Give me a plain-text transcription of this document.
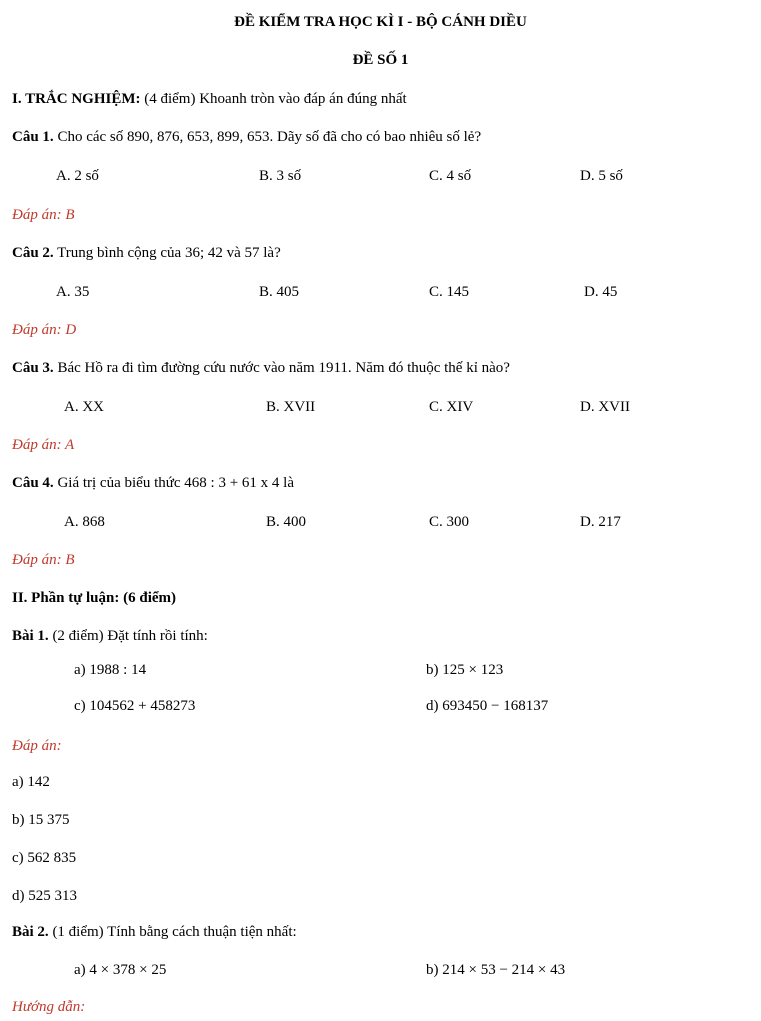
ĐỀ KIỂM TRA HỌC KÌ I - BỘ CÁNH DIỀU
ĐỀ SỐ 1
I. TRẮC NGHIỆM: (4 điểm) Khoanh tròn vào đáp án đúng nhất
Câu 1. Cho các số 890, 876, 653, 899, 653. Dãy số đã cho có bao nhiêu số lẻ?
A. 2 số	B. 3 số	C. 4 số	D. 5 số
Đáp án: B
Câu 2. Trung bình cộng của 36; 42 và 57 là?
A. 35	B. 405	C. 145	D. 45
Đáp án: D
Câu 3. Bác Hồ ra đi tìm đường cứu nước vào năm 1911. Năm đó thuộc thế kỉ nào?
A. XX	B. XVII	C. XIV	D. XVII
Đáp án: A
Câu 4. Giá trị của biểu thức 468 : 3 + 61 x 4 là
A. 868	B. 400	C. 300	D. 217
Đáp án: B
II. Phần tự luận: (6 điểm)
Bài 1. (2 điểm) Đặt tính rồi tính:
a) 1988 : 14	b) 125 × 123
c) 104562 + 458273	d) 693450 − 168137
Đáp án:
a) 142
b) 15 375
c) 562 835
d) 525 313
Bài 2. (1 điểm) Tính bằng cách thuận tiện nhất:
a) 4 × 378 × 25	b) 214 × 53 − 214 × 43
Hướng dẫn:
